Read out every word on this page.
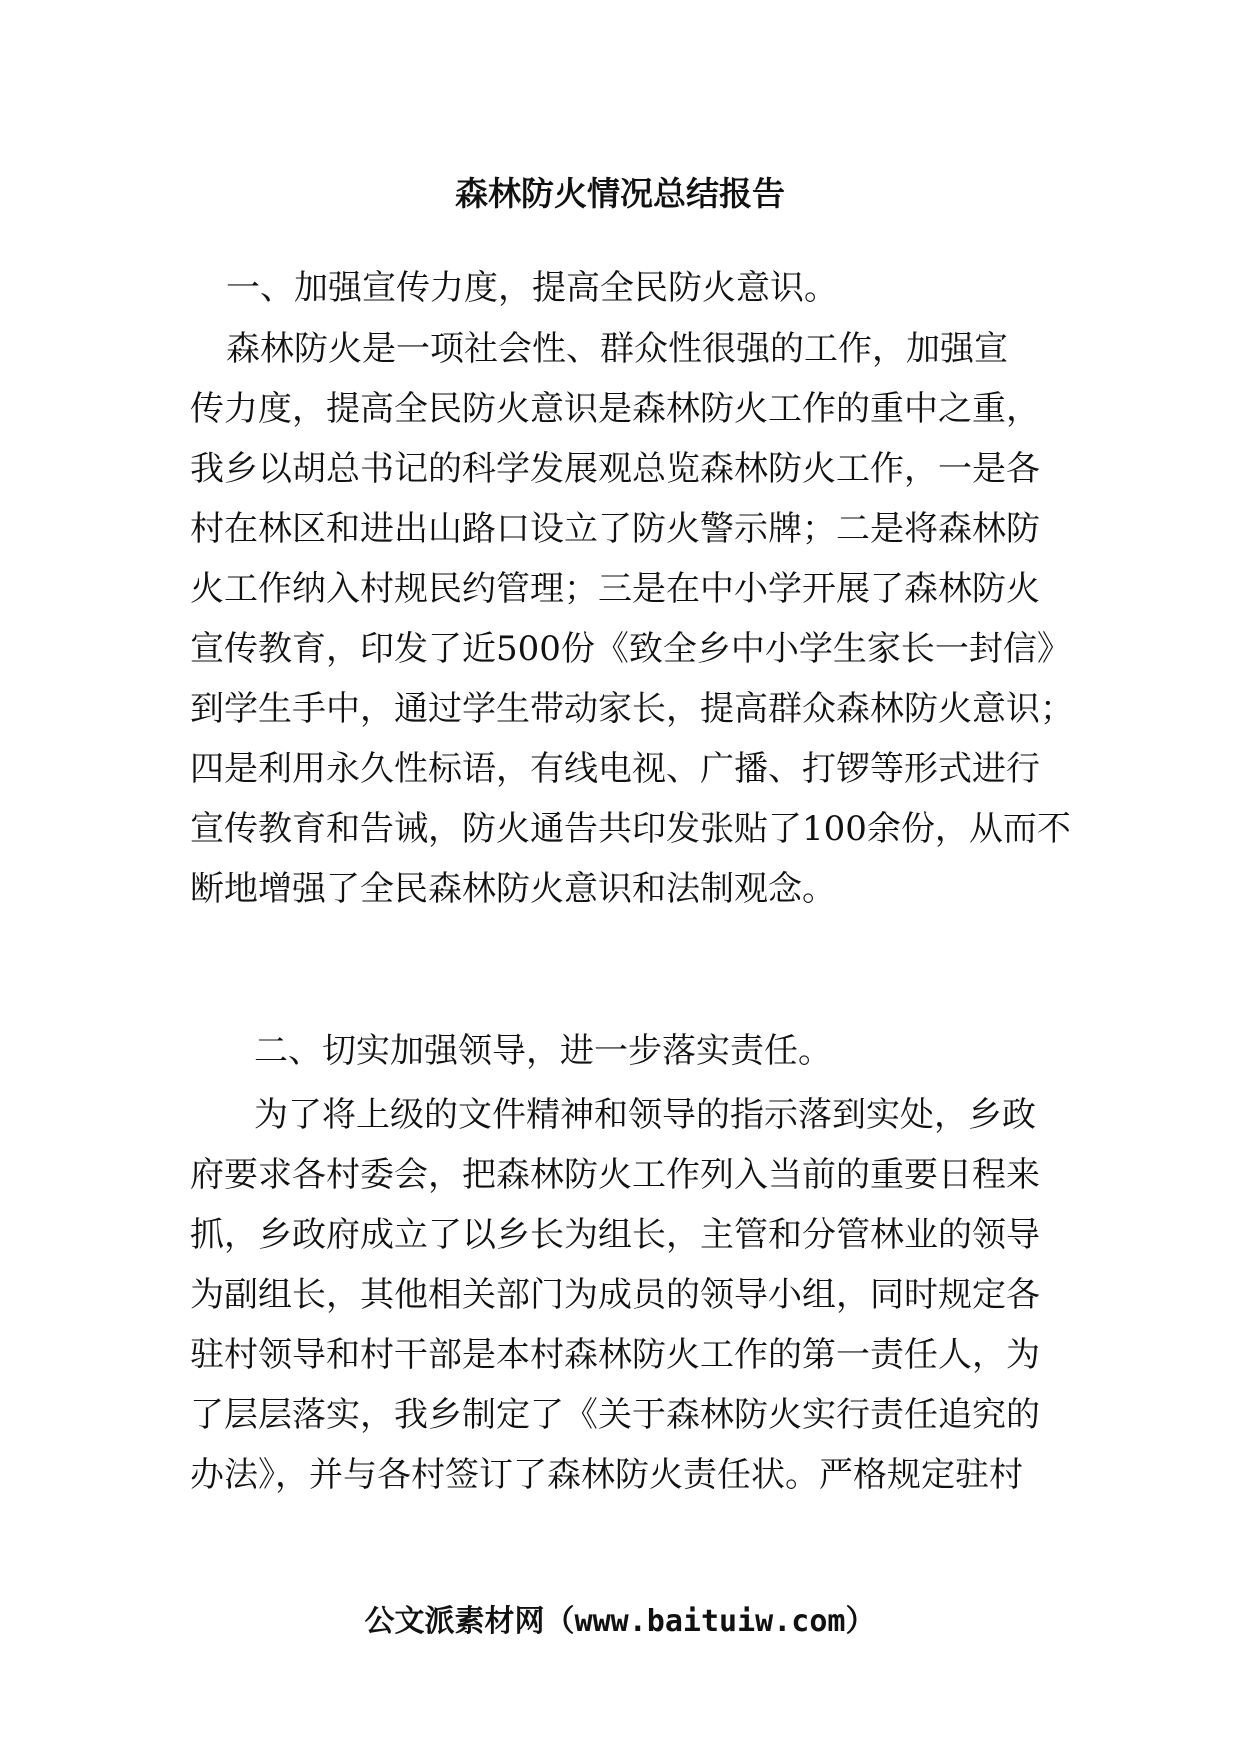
森林防火情况总结报告

一、加强宣传力度，提高全民防火意识。

森林防火是一项社会性、群众性很强的工作，加强宣

传力度，提高全民防火意识是森林防火工作的重中之重，

我乡以胡总书记的科学发展观总览森林防火工作，一是各

村在林区和进出山路口设立了防火警示牌；二是将森林防

火工作纳入村规民约管理；三是在中小学开展了森林防火

宣传教育，印发了近500份《致全乡中小学生家长一封信》

到学生手中，通过学生带动家长，提高群众森林防火意识；

四是利用永久性标语，有线电视、广播、打锣等形式进行

宣传教育和告诫，防火通告共印发张贴了100余份，从而不

断地增强了全民森林防火意识和法制观念。

二、切实加强领导，进一步落实责任。

为了将上级的文件精神和领导的指示落到实处，乡政

府要求各村委会，把森林防火工作列入当前的重要日程来

抓，乡政府成立了以乡长为组长，主管和分管林业的领导

为副组长，其他相关部门为成员的领导小组，同时规定各

驻村领导和村干部是本村森林防火工作的第一责任人，为

了层层落实，我乡制定了《关于森林防火实行责任追究的

办法》，并与各村签订了森林防火责任状。严格规定驻村

公文派素材网（www.baituiw.com）
